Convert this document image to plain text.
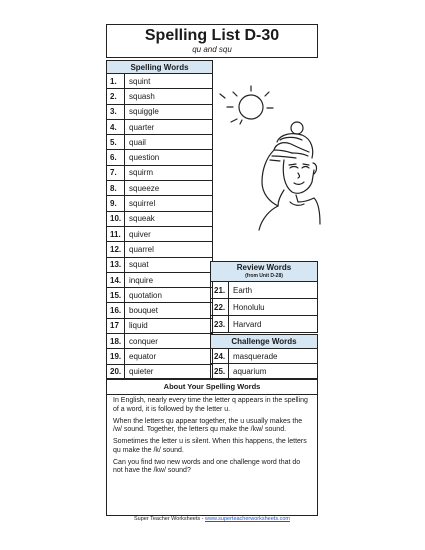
Spelling List D-30
qu and squ
Spelling Words	
1.	squint
2.	squash
3.	squiggle
4.	quarter
5.	quail
6.	question
7.	squirm
8.	squeeze
9.	squirrel
10.	squeak
11.	quiver
12.	quarrel
13.	squat
14.	inquire
15.	quotation
16.	bouquet
17	liquid
18.	conquer
19.	equator
20.	quieter
Review Words
(from Unit D-28)	

21.	Earth
22.	Honolulu
23.	Harvard
Challenge Words	
24.	masquerade
25.	aquarium
About Your Spelling Words

In English, nearly every time the letter q appears in the spelling of a word, it is followed by the letter u.

When the letters qu appear together, the u usually makes the /w/ sound. Together, the letters qu make the /kw/ sound.

Sometimes the letter u is silent. When this happens, the letters qu make the /k/ sound.

Can you find two new words and one challenge word that do not have the /kw/ sound?

Super Teacher Worksheets - www.superteacherworksheets.com
